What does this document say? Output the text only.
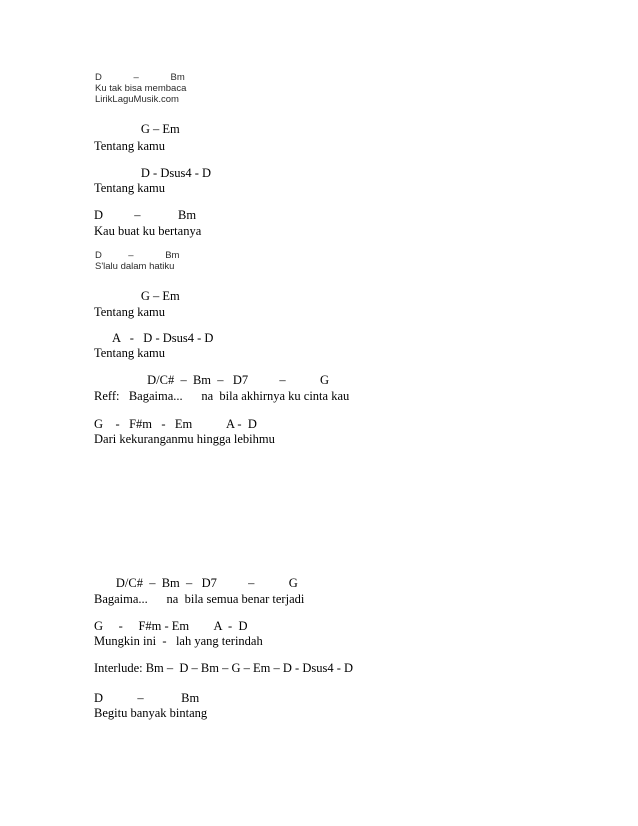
D            –            Bm
Ku tak bisa membaca
LirikLaguMusik.com
G – Em
Tentang kamu
D - Dsus4 - D
Tentang kamu
D          –            Bm
Kau buat ku bertanya
D          –            Bm
S'lalu dalam hatiku
G – Em
Tentang kamu
A   -   D - Dsus4 - D
Tentang kamu
D/C#  –  Bm  –   D7          –           G
Reff:   Bagaima...      na  bila akhirnya ku cinta kau
G    -   F#m   -   Em           A -  D
Dari kekuranganmu hingga lebihmu
D/C#  –  Bm  –   D7          –           G
Bagaima...      na  bila semua benar terjadi
G     -     F#m - Em        A  -  D
Mungkin ini  -   lah yang terindah
Interlude: Bm –  D – Bm – G – Em – D - Dsus4 - D
D           –            Bm
Begitu banyak bintang
